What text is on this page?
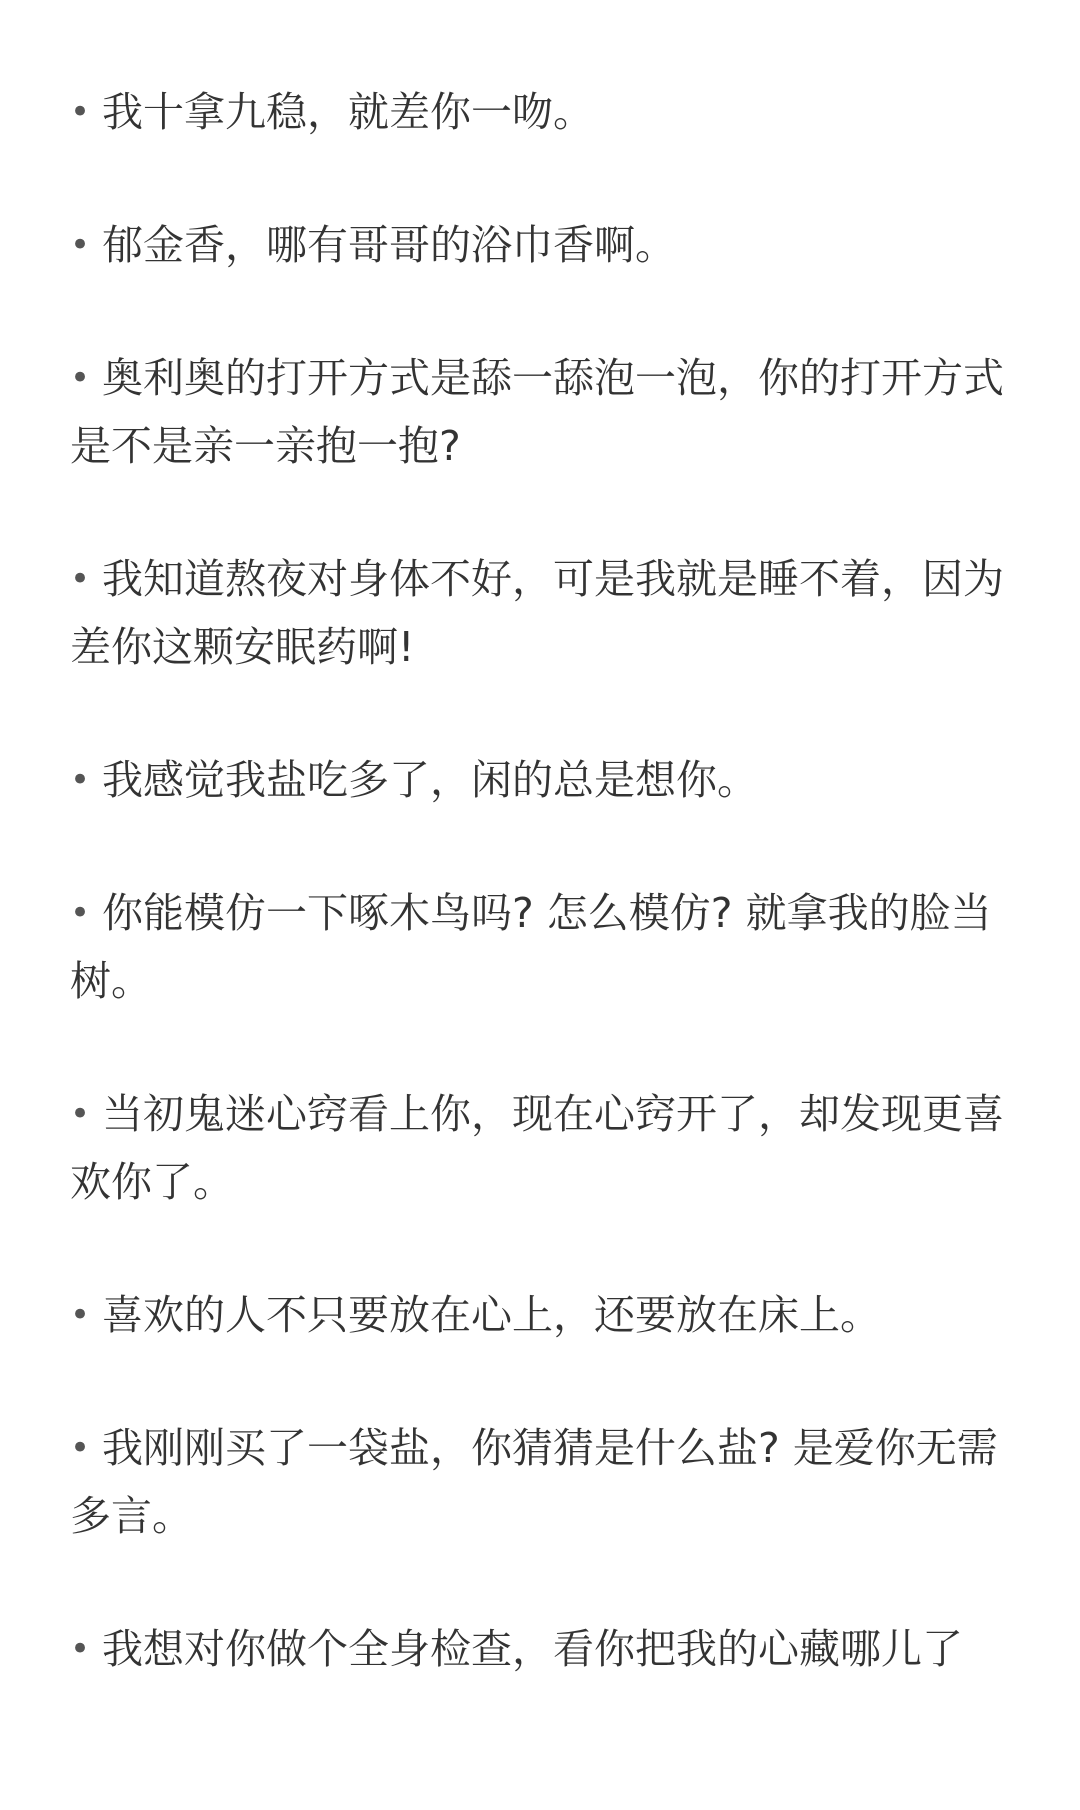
• 我十拿九稳，就差你一吻。

• 郁金香，哪有哥哥的浴巾香啊。

• 奥利奥的打开方式是舔一舔泡一泡，你的打开方式是不是亲一亲抱一抱?

• 我知道熬夜对身体不好，可是我就是睡不着，因为差你这颗安眠药啊!

• 我感觉我盐吃多了，闲的总是想你。

• 你能模仿一下啄木鸟吗? 怎么模仿? 就拿我的脸当树。

• 当初鬼迷心窍看上你，现在心窍开了，却发现更喜欢你了。

• 喜欢的人不只要放在心上，还要放在床上。

• 我刚刚买了一袋盐，你猜猜是什么盐? 是爱你无需多言。

• 我想对你做个全身检查，看你把我的心藏哪儿了
